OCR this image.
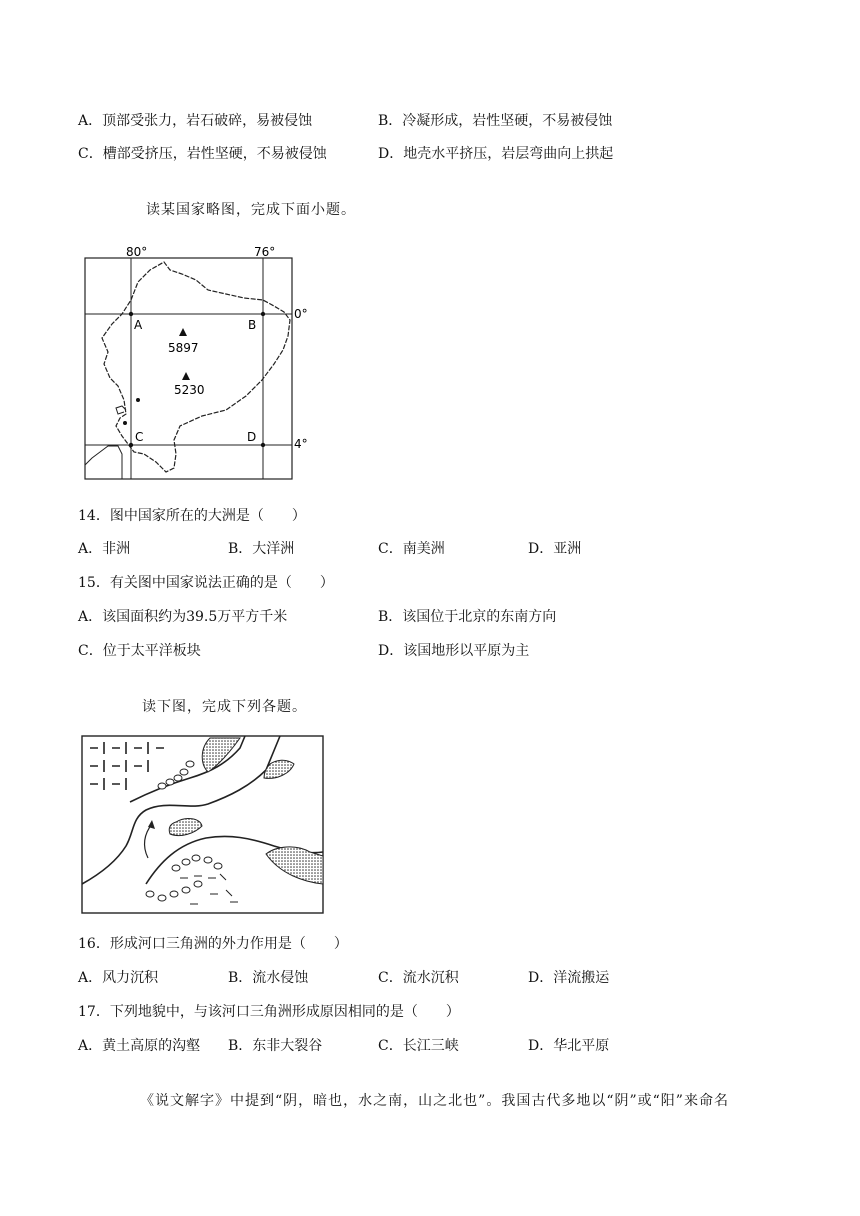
A．顶部受张力，岩石破碎，易被侵蚀	B．冷凝形成，岩性坚硬，不易被侵蚀
C．槽部受挤压，岩性坚硬，不易被侵蚀	D．地壳水平挤压，岩层弯曲向上拱起
读某国家略图，完成下面小题。
80°	76°
0°
4°
A	B
C	D
5897
5230
14．图中国家所在的大洲是（　　）
A．非洲	B．大洋洲	C．南美洲	D．亚洲
15．有关图中国家说法正确的是（　　）
A．该国面积约为39.5万平方千米	B．该国位于北京的东南方向
C．位于太平洋板块	D．该国地形以平原为主
读下图，完成下列各题。
16．形成河口三角洲的外力作用是（　　）
A．风力沉积	B．流水侵蚀	C．流水沉积	D．洋流搬运
17．下列地貌中，与该河口三角洲形成原因相同的是（　　）
A．黄土高原的沟壑 B．东非大裂谷	C．长江三峡	D．华北平原
《说文解字》中提到“阴，暗也，水之南，山之北也”。我国古代多地以“阴”或“阳”来命名
